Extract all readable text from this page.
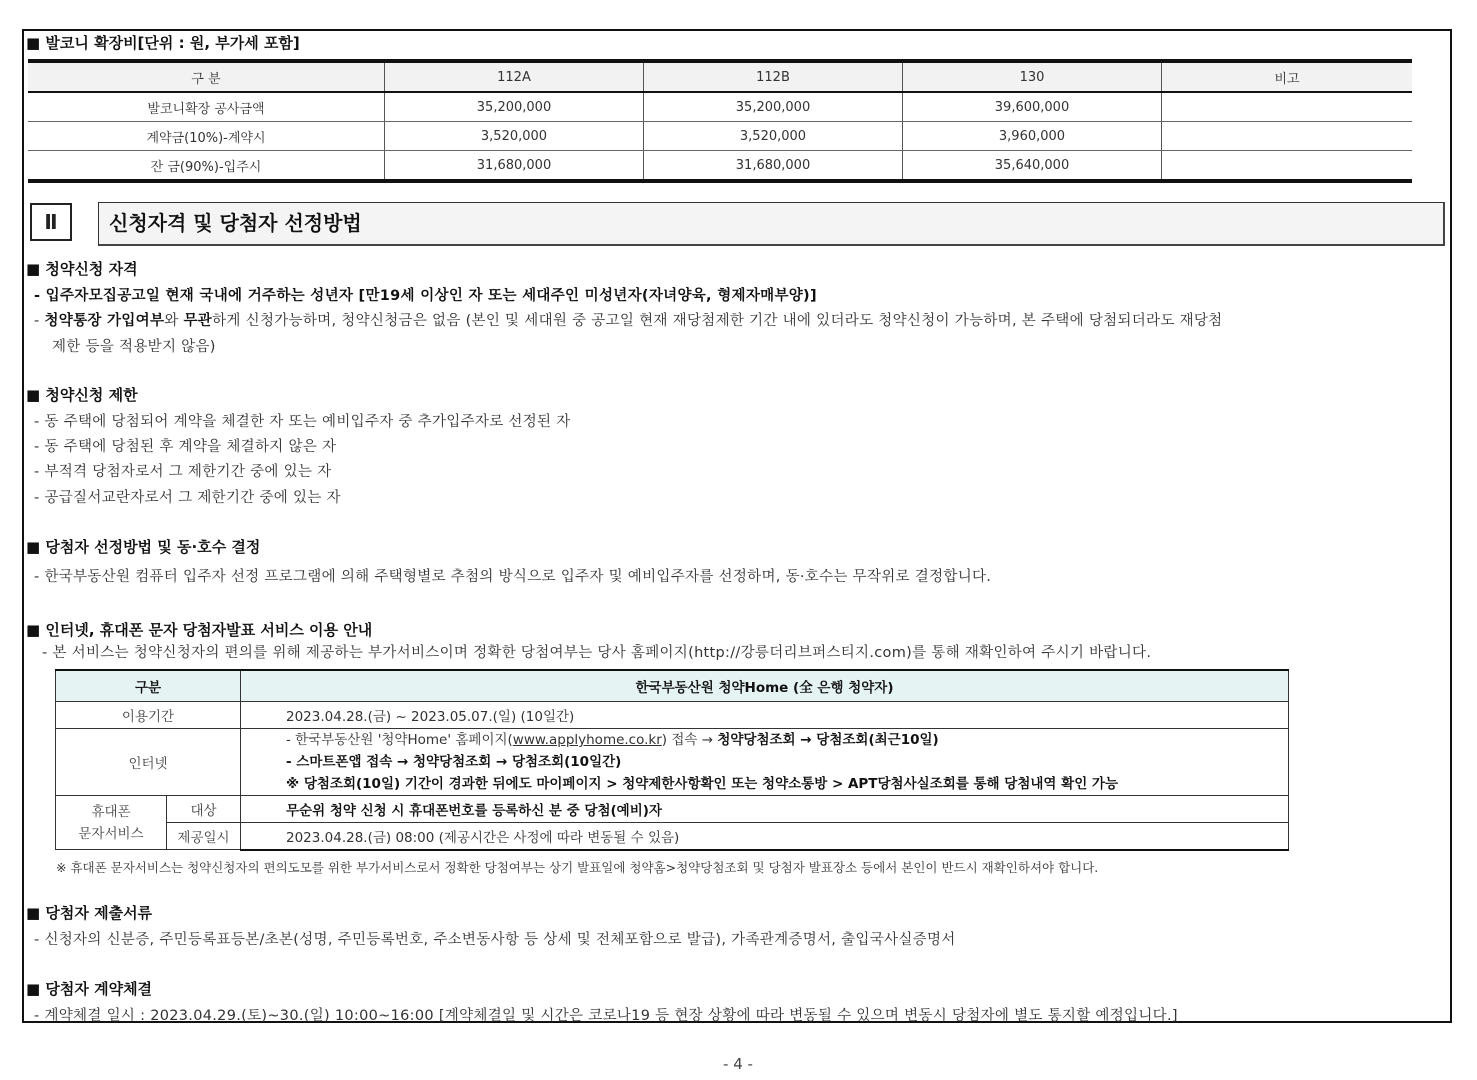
■ 발코니 확장비[단위 : 원, 부가세 포함]
구 분	112A	112B	130	비고
발코니확장 공사금액	35,200,000	35,200,000	39,600,000	
계약금(10%)-계약시	3,520,000	3,520,000	3,960,000	
잔 금(90%)-입주시	31,680,000	31,680,000	35,640,000	
Ⅱ	신청자격 및 당첨자 선정방법
■ 청약신청 자격
- 입주자모집공고일 현재 국내에 거주하는 성년자 [만19세 이상인 자 또는 세대주인 미성년자(자녀양육, 형제자매부양)]
- 청약통장 가입여부와 무관하게 신청가능하며, 청약신청금은 없음 (본인 및 세대원 중 공고일 현재 재당첨제한 기간 내에 있더라도 청약신청이 가능하며, 본 주택에 당첨되더라도 재당첨
제한 등을 적용받지 않음)
■ 청약신청 제한
- 동 주택에 당첨되어 계약을 체결한 자 또는 예비입주자 중 추가입주자로 선정된 자
- 동 주택에 당첨된 후 계약을 체결하지 않은 자
- 부적격 당첨자로서 그 제한기간 중에 있는 자
- 공급질서교란자로서 그 제한기간 중에 있는 자
■ 당첨자 선정방법 및 동·호수 결정
- 한국부동산원 컴퓨터 입주자 선정 프로그램에 의해 주택형별로 추첨의 방식으로 입주자 및 예비입주자를 선정하며, 동·호수는 무작위로 결정합니다.
■ 인터넷, 휴대폰 문자 당첨자발표 서비스 이용 안내
- 본 서비스는 청약신청자의 편의를 위해 제공하는 부가서비스이며 정확한 당첨여부는 당사 홈페이지(http://강릉더리브퍼스티지.com)를 통해 재확인하여 주시기 바랍니다.
구분		한국부동산원 청약Home (全 은행 청약자)
이용기간		2023.04.28.(금) ~ 2023.05.07.(일) (10일간)
인터넷		- 한국부동산원 '청약Home' 홈페이지(www.applyhome.co.kr) 접속 → 청약당첨조회 → 당첨조회(최근10일)
- 스마트폰앱 접속 → 청약당첨조회 → 당첨조회(10일간)
※ 당첨조회(10일) 기간이 경과한 뒤에도 마이페이지 > 청약제한사항확인 또는 청약소통방 > APT당첨사실조회를 통해 당첨내역 확인 가능

휴대폰
문자서비스	대상	무순위 청약 신청 시 휴대폰번호를 등록하신 분 중 당첨(예비)자
	제공일시	2023.04.28.(금) 08:00 (제공시간은 사정에 따라 변동될 수 있음)
※ 휴대폰 문자서비스는 청약신청자의 편의도모를 위한 부가서비스로서 정확한 당첨여부는 상기 발표일에 청약홈>청약당첨조회 및 당첨자 발표장소 등에서 본인이 반드시 재확인하셔야 합니다.
■ 당첨자 제출서류
- 신청자의 신분증, 주민등록표등본/초본(성명, 주민등록번호, 주소변동사항 등 상세 및 전체포함으로 발급), 가족관계증명서, 출입국사실증명서
■ 당첨자 계약체결
- 계약체결 일시 : 2023.04.29.(토)~30.(일) 10:00~16:00 [계약체결일 및 시간은 코로나19 등 현장 상황에 따라 변동될 수 있으며 변동시 당첨자에 별도 통지할 예정입니다.]
- 4 -
